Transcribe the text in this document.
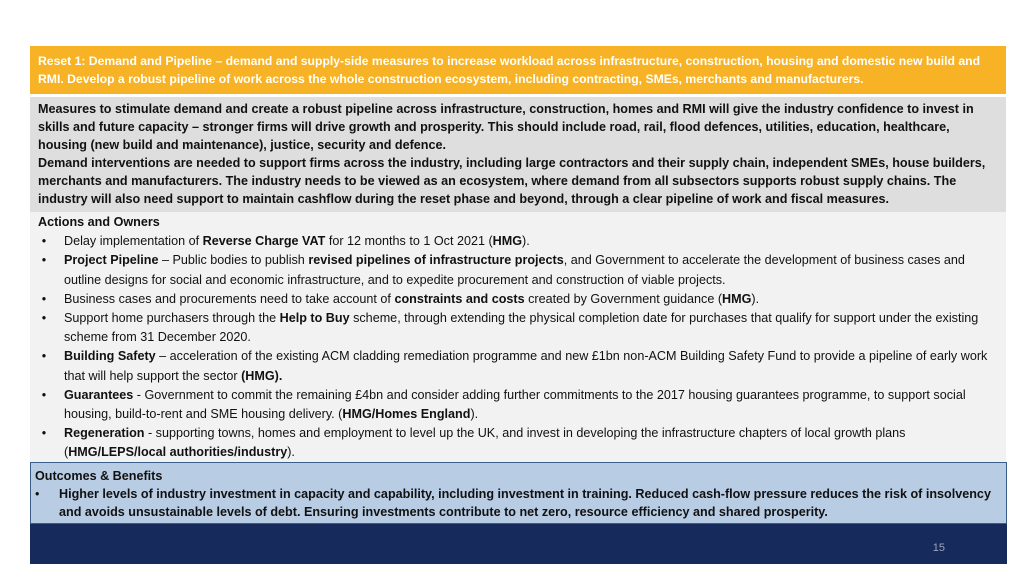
Reset 1: Demand and Pipeline – demand and supply-side measures to increase workload across infrastructure, construction, housing and domestic new build and RMI. Develop a robust pipeline of work across the whole construction ecosystem, including contracting, SMEs, merchants and manufacturers.
Measures to stimulate demand and create a robust pipeline across infrastructure, construction, homes and RMI will give the industry confidence to invest in skills and future capacity – stronger firms will drive growth and prosperity. This should include road, rail, flood defences, utilities, education, healthcare, housing (new build and maintenance), justice, security and defence.
Demand interventions are needed to support firms across the industry, including large contractors and their supply chain, independent SMEs, house builders, merchants and manufacturers. The industry needs to be viewed as an ecosystem, where demand from all subsectors supports robust supply chains. The industry will also need support to maintain cashflow during the reset phase and beyond, through a clear pipeline of work and fiscal measures.
Actions and Owners
•	Delay implementation of Reverse Charge VAT for 12 months to 1 Oct 2021 (HMG).
•	Project Pipeline – Public bodies to publish revised pipelines of infrastructure projects, and Government to accelerate the development of business cases and outline designs for social and economic infrastructure, and to expedite procurement and construction of viable projects.
•	Business cases and procurements need to take account of constraints and costs created by Government guidance (HMG).
•	Support home purchasers through the Help to Buy scheme, through extending the physical completion date for purchases that qualify for support under the existing scheme from 31 December 2020.
•	Building Safety – acceleration of the existing ACM cladding remediation programme and new £1bn non-ACM Building Safety Fund to provide a pipeline of early work that will help support the sector (HMG).
•	Guarantees - Government to commit the remaining £4bn and consider adding further commitments to the 2017 housing guarantees programme, to support social housing, build-to-rent and SME housing delivery. (HMG/Homes England).
•	Regeneration - supporting towns, homes and employment to level up the UK, and invest in developing the infrastructure chapters of local growth plans (HMG/LEPS/local authorities/industry).
Outcomes & Benefits
• Higher levels of industry investment in capacity and capability, including investment in training. Reduced cash-flow pressure reduces the risk of insolvency and avoids unsustainable levels of debt. Ensuring investments contribute to net zero, resource efficiency and shared prosperity.
15
